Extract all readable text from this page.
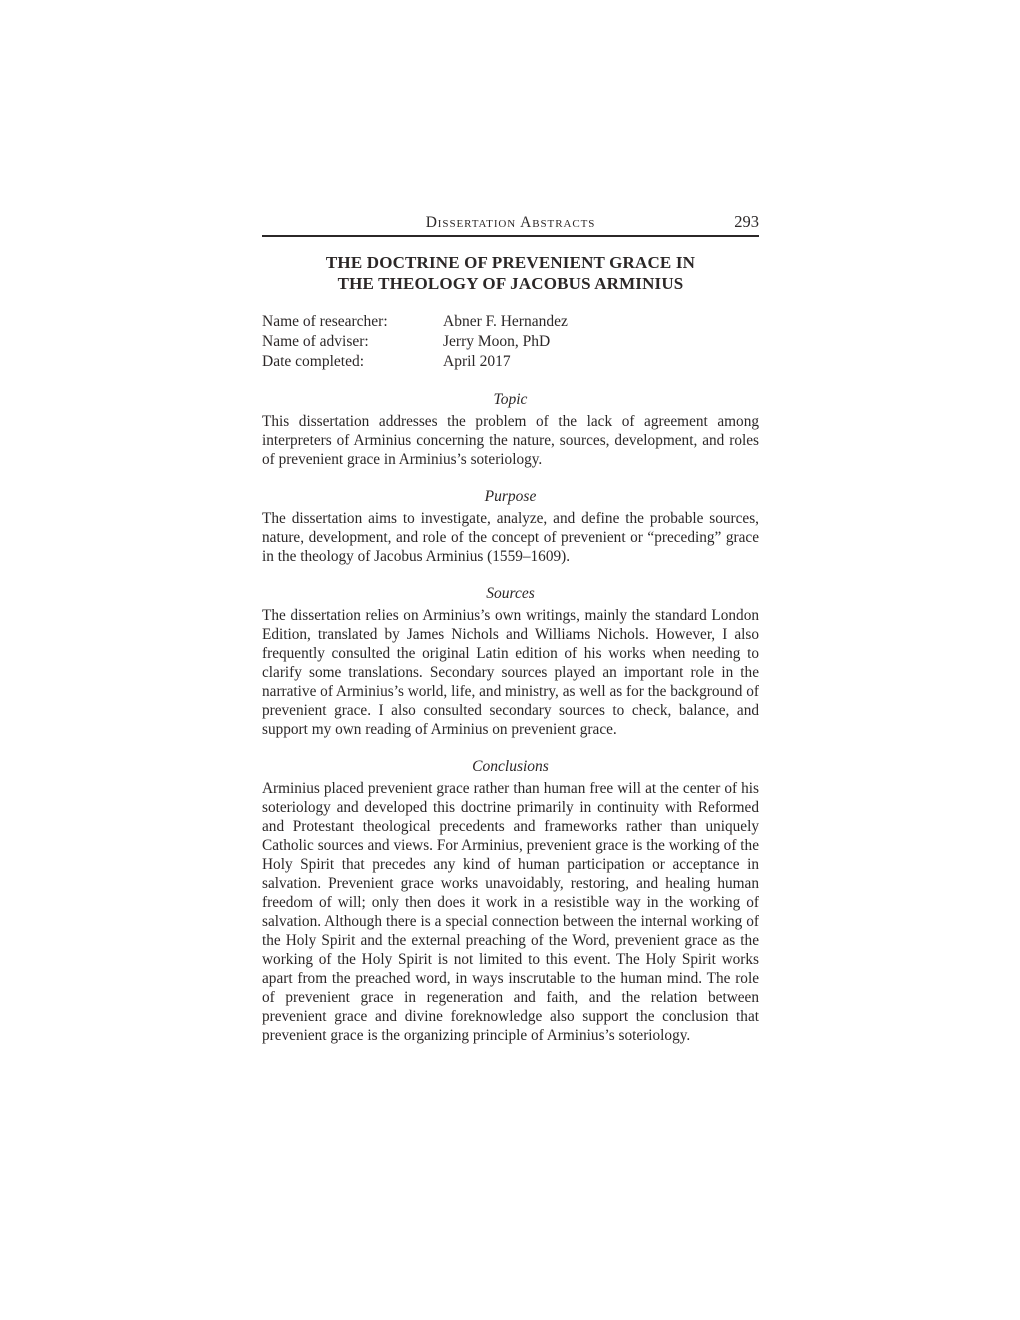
Dissertation Abstracts	293
THE DOCTRINE OF PREVENIENT GRACE IN
THE THEOLOGY OF JACOBUS ARMINIUS
Name of researcher:	Abner F. Hernandez
Name of adviser:	Jerry Moon, PhD
Date completed:	April 2017
Topic
This dissertation addresses the problem of the lack of agreement among interpreters of Arminius concerning the nature, sources, development, and roles of prevenient grace in Arminius’s soteriology.
Purpose
The dissertation aims to investigate, analyze, and define the probable sources, nature, development, and role of the concept of prevenient or “preceding” grace in the theology of Jacobus Arminius (1559–1609).
Sources
The dissertation relies on Arminius’s own writings, mainly the standard London Edition, translated by James Nichols and Williams Nichols. However, I also frequently consulted the original Latin edition of his works when needing to clarify some translations. Secondary sources played an important role in the narrative of Arminius’s world, life, and ministry, as well as for the background of prevenient grace. I also consulted secondary sources to check, balance, and support my own reading of Arminius on prevenient grace.
Conclusions
Arminius placed prevenient grace rather than human free will at the center of his soteriology and developed this doctrine primarily in continuity with Reformed and Protestant theological precedents and frameworks rather than uniquely Catholic sources and views. For Arminius, prevenient grace is the working of the Holy Spirit that precedes any kind of human participation or acceptance in salvation. Prevenient grace works unavoidably, restoring, and healing human freedom of will; only then does it work in a resistible way in the working of salvation. Although there is a special connection between the internal working of the Holy Spirit and the external preaching of the Word, prevenient grace as the working of the Holy Spirit is not limited to this event. The Holy Spirit works apart from the preached word, in ways inscrutable to the human mind. The role of prevenient grace in regeneration and faith, and the relation between prevenient grace and divine foreknowledge also support the conclusion that prevenient grace is the organizing principle of Arminius’s soteriology.
